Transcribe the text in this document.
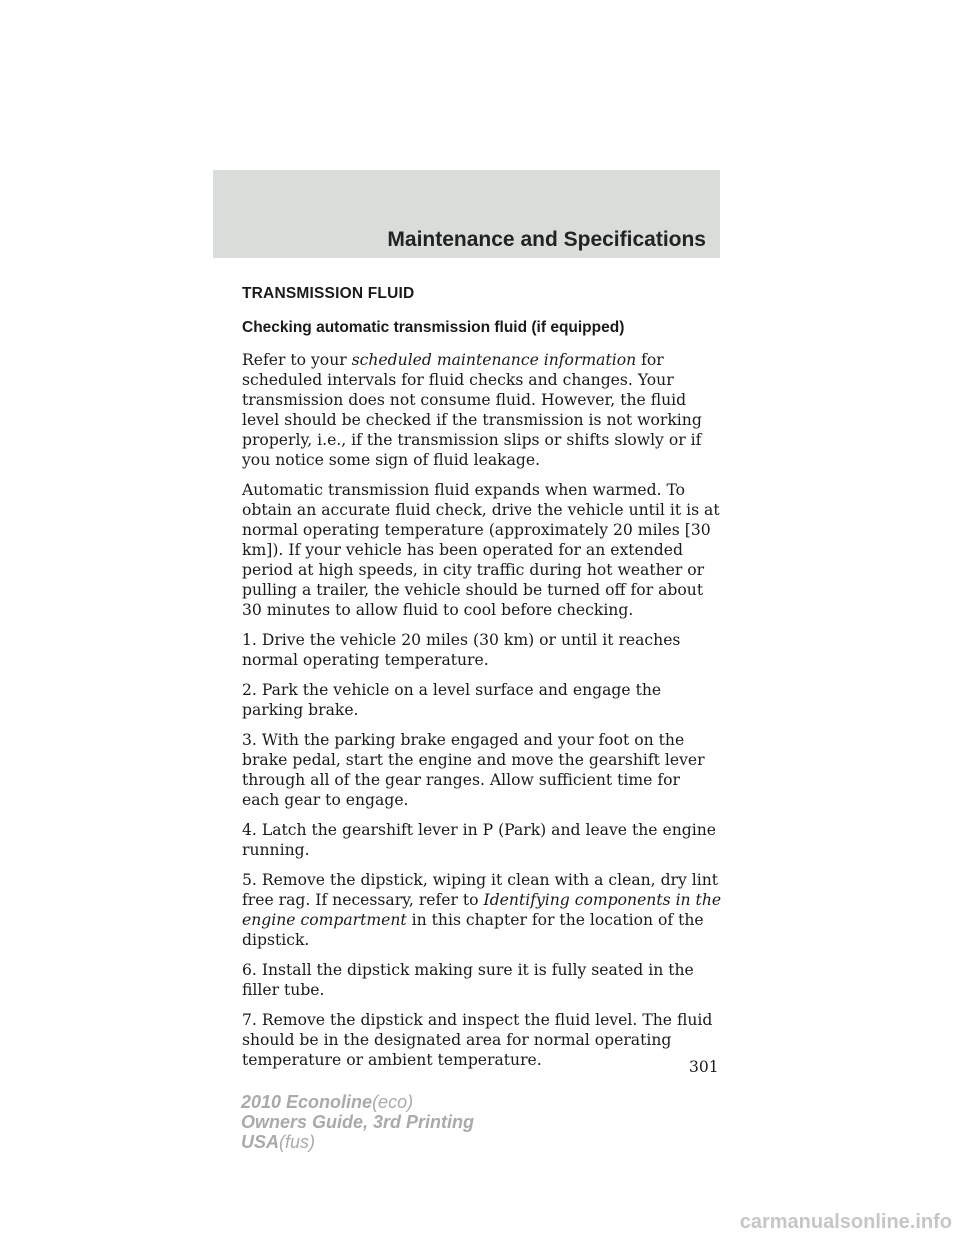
Maintenance and Specifications
TRANSMISSION FLUID
Checking automatic transmission fluid (if equipped)

Refer to your scheduled maintenance information for scheduled intervals for fluid checks and changes. Your transmission does not consume fluid. However, the fluid level should be checked if the transmission is not working properly, i.e., if the transmission slips or shifts slowly or if you notice some sign of fluid leakage.

Automatic transmission fluid expands when warmed. To obtain an accurate fluid check, drive the vehicle until it is at normal operating temperature (approximately 20 miles [30 km]). If your vehicle has been operated for an extended period at high speeds, in city traffic during hot weather or pulling a trailer, the vehicle should be turned off for about 30 minutes to allow fluid to cool before checking.

1. Drive the vehicle 20 miles (30 km) or until it reaches normal operating temperature.

2. Park the vehicle on a level surface and engage the parking brake.

3. With the parking brake engaged and your foot on the brake pedal, start the engine and move the gearshift lever through all of the gear ranges. Allow sufficient time for each gear to engage.

4. Latch the gearshift lever in P (Park) and leave the engine running.

5. Remove the dipstick, wiping it clean with a clean, dry lint free rag. If necessary, refer to Identifying components in the engine compartment in this chapter for the location of the dipstick.

6. Install the dipstick making sure it is fully seated in the filler tube.

7. Remove the dipstick and inspect the fluid level. The fluid should be in the designated area for normal operating temperature or ambient temperature.	301
2010 Econoline(eco)
Owners Guide, 3rd Printing
USA(fus)
carmanualsonline.info
